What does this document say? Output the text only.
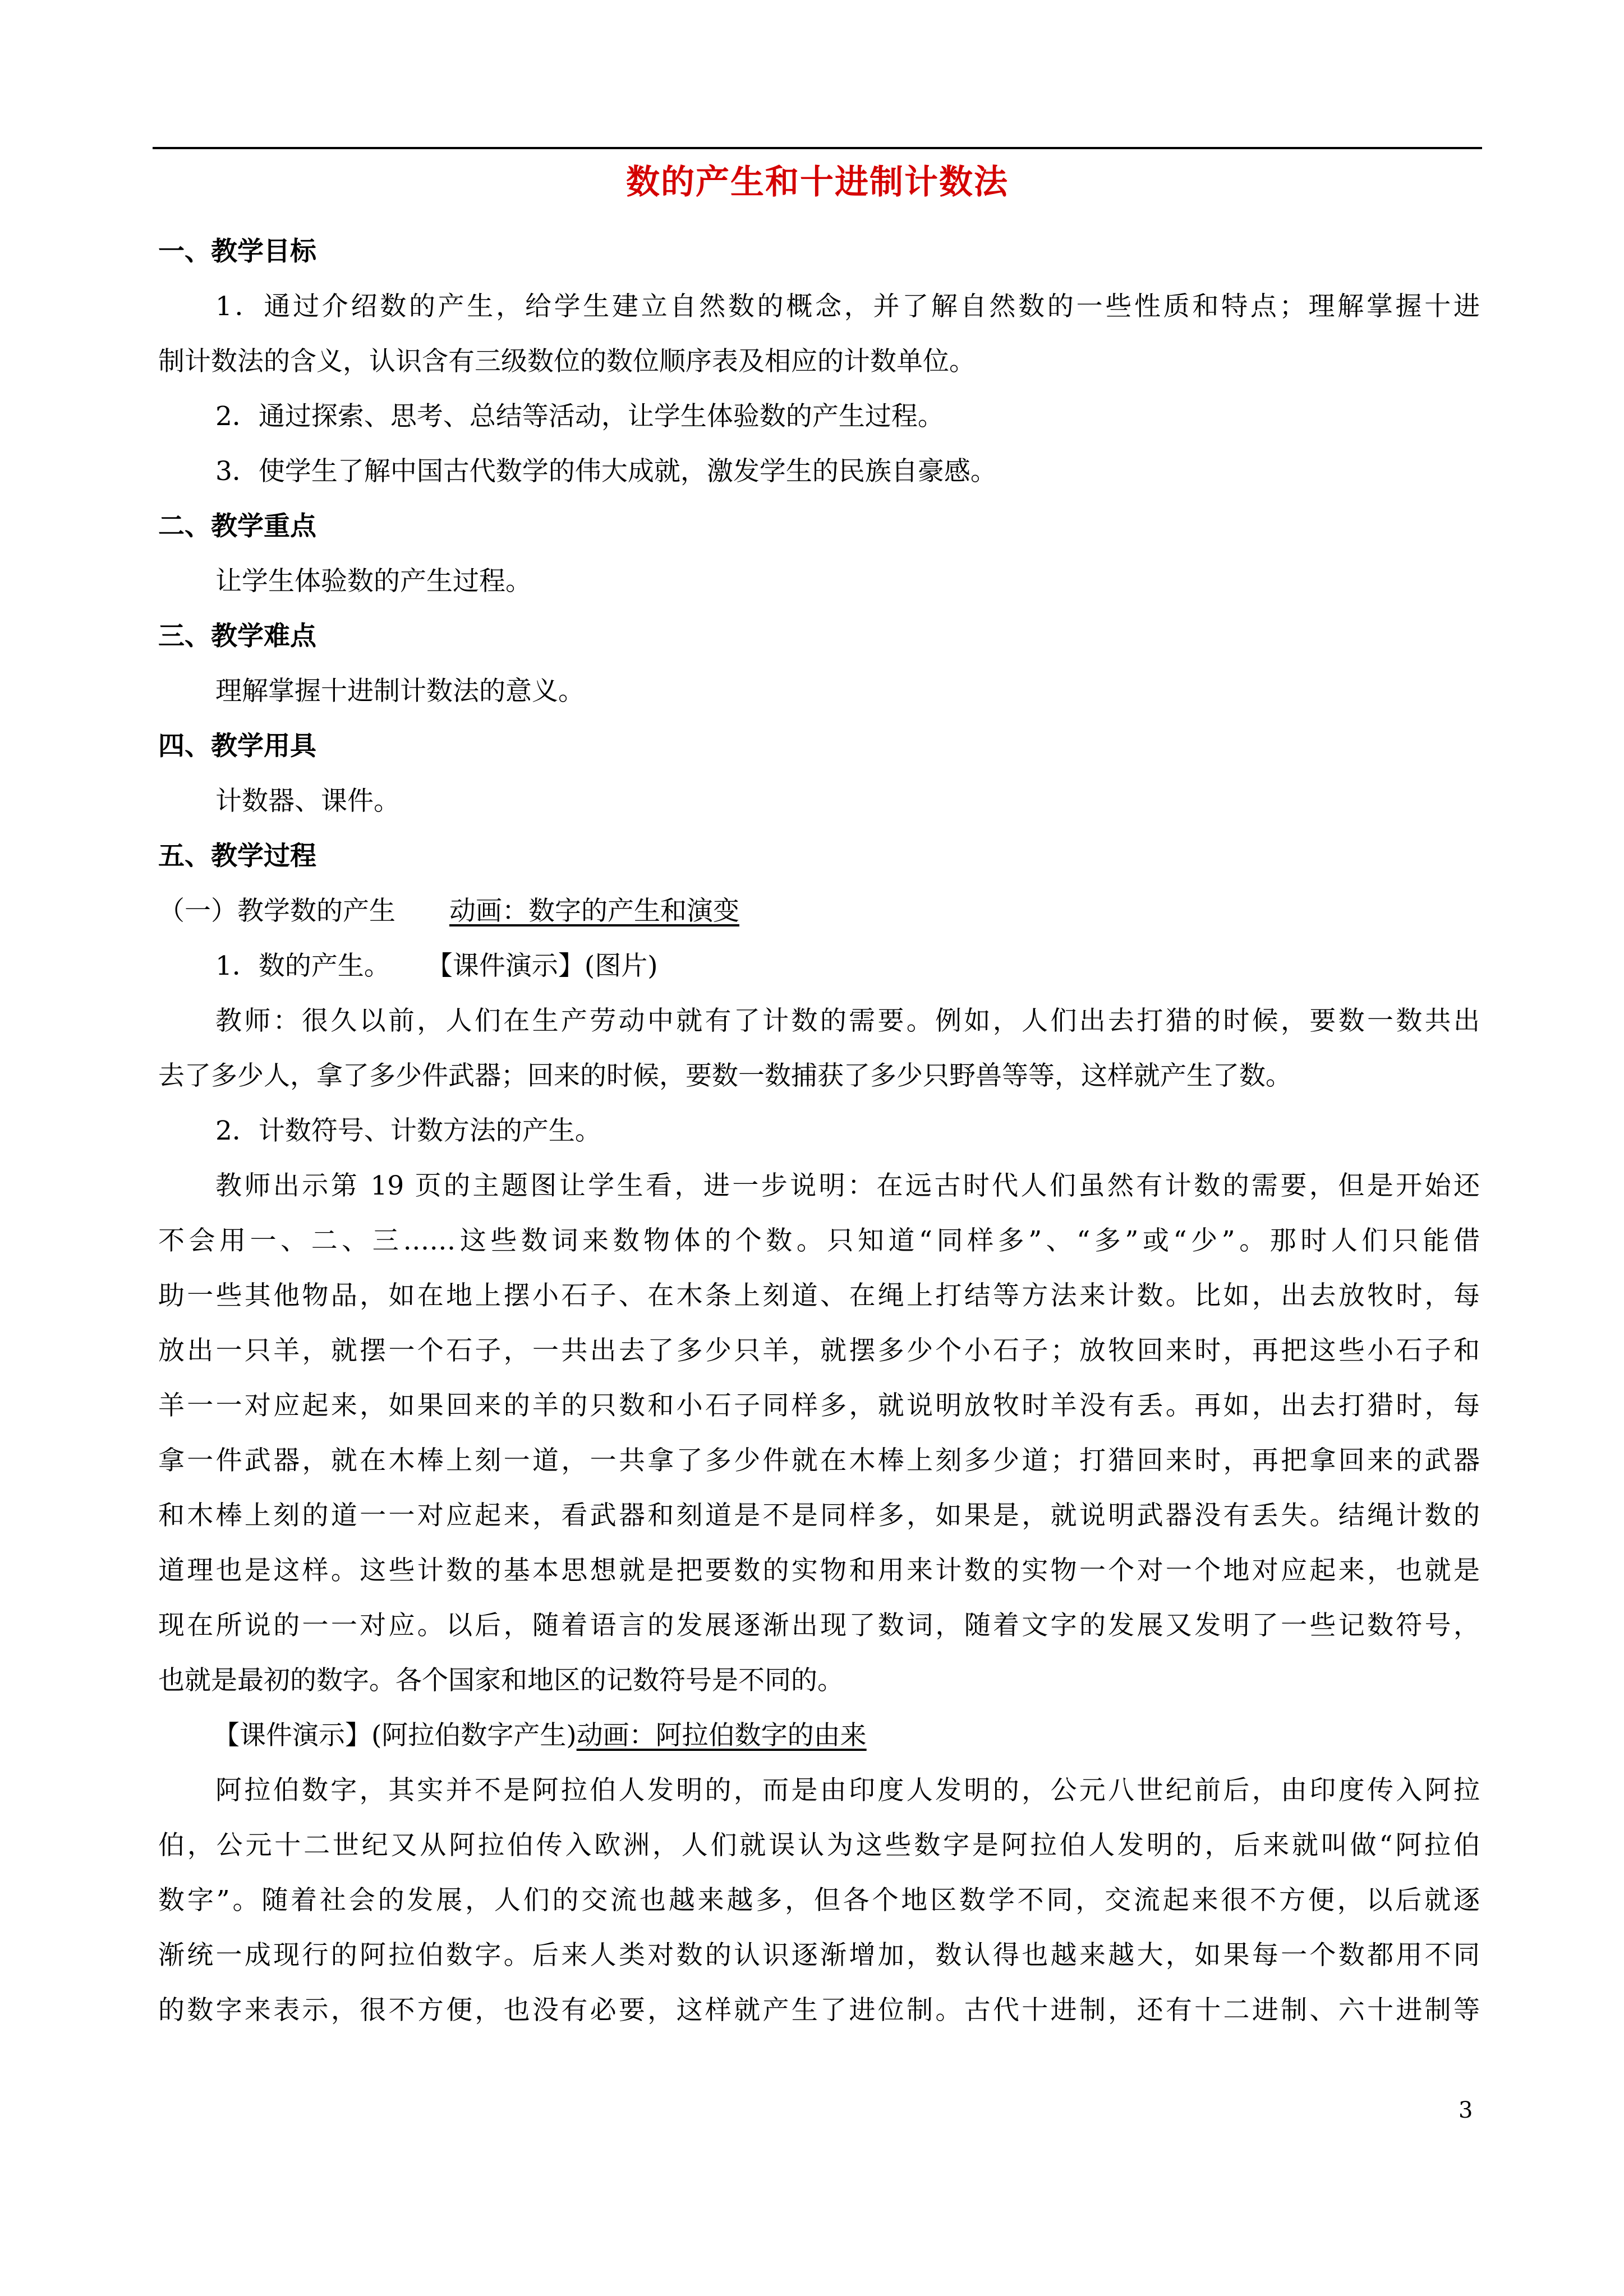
数的产生和十进制计数法
一、教学目标
1．通过介绍数的产生，给学生建立自然数的概念，并了解自然数的一些性质和特点；理解掌握十进
制计数法的含义，认识含有三级数位的数位顺序表及相应的计数单位。
2．通过探索、思考、总结等活动，让学生体验数的产生过程。
3．使学生了解中国古代数学的伟大成就，激发学生的民族自豪感。
二、教学重点
让学生体验数的产生过程。
三、教学难点
理解掌握十进制计数法的意义。
四、教学用具
计数器、课件。
五、教学过程
（一）教学数的产生 动画：数字的产生和演变
1．数的产生。 【课件演示】(图片)
教师：很久以前，人们在生产劳动中就有了计数的需要。例如，人们出去打猎的时候，要数一数共出
去了多少人，拿了多少件武器；回来的时候，要数一数捕获了多少只野兽等等，这样就产生了数。
2．计数符号、计数方法的产生。
教师出示第 19 页的主题图让学生看，进一步说明：在远古时代人们虽然有计数的需要，但是开始还
不会用一、二、三……这些数词来数物体的个数。只知道“同样多”、“多”或“少”。那时人们只能借
助一些其他物品，如在地上摆小石子、在木条上刻道、在绳上打结等方法来计数。比如，出去放牧时，每
放出一只羊，就摆一个石子，一共出去了多少只羊，就摆多少个小石子；放牧回来时，再把这些小石子和
羊一一对应起来，如果回来的羊的只数和小石子同样多，就说明放牧时羊没有丢。再如，出去打猎时，每
拿一件武器，就在木棒上刻一道，一共拿了多少件就在木棒上刻多少道；打猎回来时，再把拿回来的武器
和木棒上刻的道一一对应起来，看武器和刻道是不是同样多，如果是，就说明武器没有丢失。结绳计数的
道理也是这样。这些计数的基本思想就是把要数的实物和用来计数的实物一个对一个地对应起来，也就是
现在所说的一一对应。以后，随着语言的发展逐渐出现了数词，随着文字的发展又发明了一些记数符号，
也就是最初的数字。各个国家和地区的记数符号是不同的。
【课件演示】(阿拉伯数字产生)动画：阿拉伯数字的由来
阿拉伯数字，其实并不是阿拉伯人发明的，而是由印度人发明的，公元八世纪前后，由印度传入阿拉
伯，公元十二世纪又从阿拉伯传入欧洲，人们就误认为这些数字是阿拉伯人发明的，后来就叫做“阿拉伯
数字”。随着社会的发展，人们的交流也越来越多，但各个地区数学不同，交流起来很不方便，以后就逐
渐统一成现行的阿拉伯数字。后来人类对数的认识逐渐增加，数认得也越来越大，如果每一个数都用不同
的数字来表示，很不方便，也没有必要，这样就产生了进位制。古代十进制，还有十二进制、六十进制等
3
